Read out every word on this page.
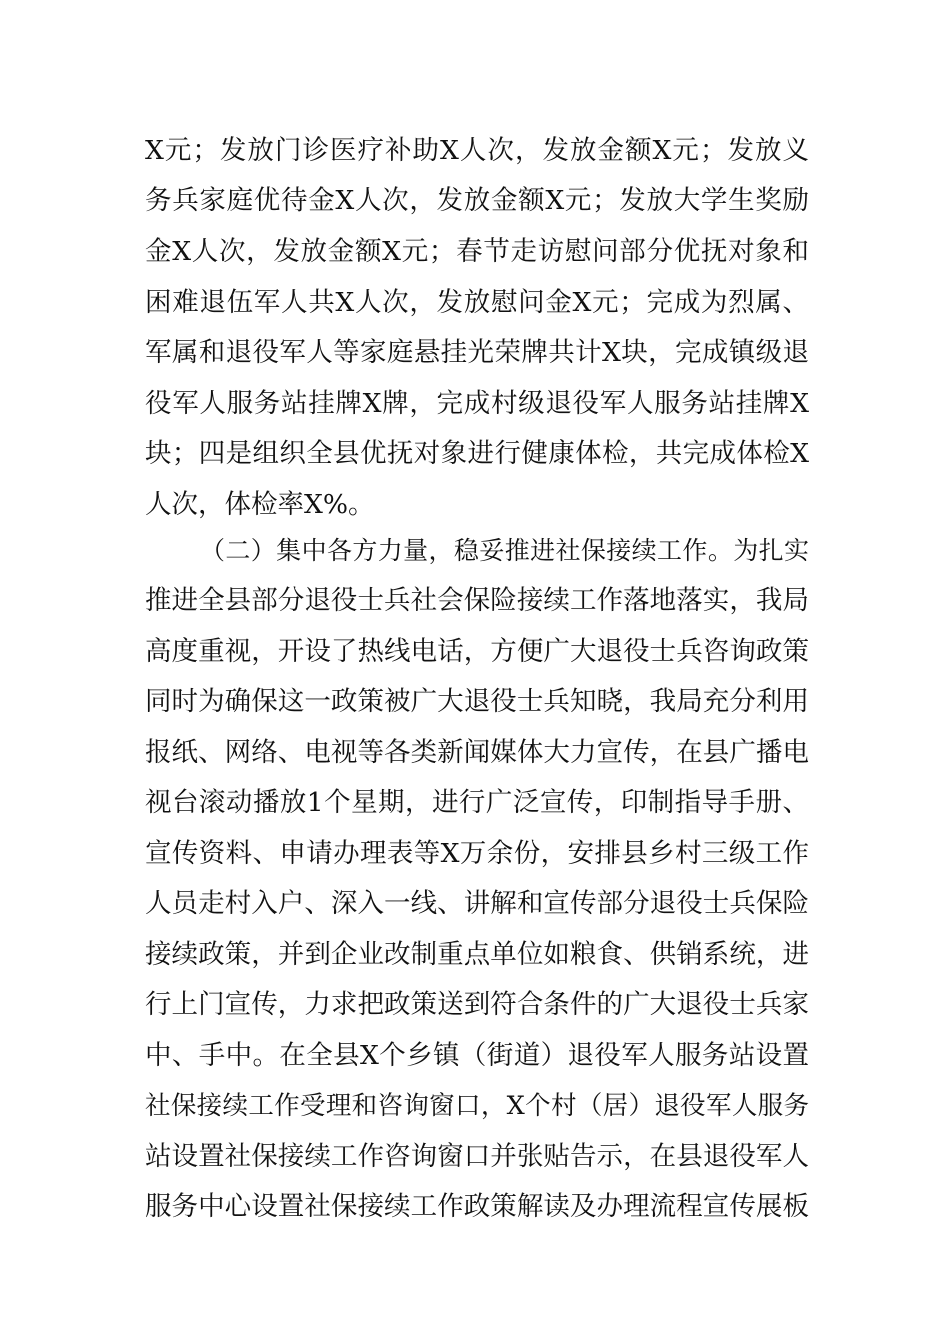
X元；发放门诊医疗补助X人次，发放金额X元；发放义
务兵家庭优待金X人次，发放金额X元；发放大学生奖励
金X人次，发放金额X元；春节走访慰问部分优抚对象和
困难退伍军人共X人次，发放慰问金X元；完成为烈属、
军属和退役军人等家庭悬挂光荣牌共计X块，完成镇级退
役军人服务站挂牌X牌，完成村级退役军人服务站挂牌X
块；四是组织全县优抚对象进行健康体检，共完成体检X
人次，体检率X%。
（二）集中各方力量，稳妥推进社保接续工作。为扎实
推进全县部分退役士兵社会保险接续工作落地落实，我局
高度重视，开设了热线电话，方便广大退役士兵咨询政策
同时为确保这一政策被广大退役士兵知晓，我局充分利用
报纸、网络、电视等各类新闻媒体大力宣传，在县广播电
视台滚动播放1个星期，进行广泛宣传，印制指导手册、
宣传资料、申请办理表等X万余份，安排县乡村三级工作
人员走村入户、深入一线、讲解和宣传部分退役士兵保险
接续政策，并到企业改制重点单位如粮食、供销系统，进
行上门宣传，力求把政策送到符合条件的广大退役士兵家
中、手中。在全县X个乡镇（街道）退役军人服务站设置
社保接续工作受理和咨询窗口，X个村（居）退役军人服务
站设置社保接续工作咨询窗口并张贴告示，在县退役军人
服务中心设置社保接续工作政策解读及办理流程宣传展板
